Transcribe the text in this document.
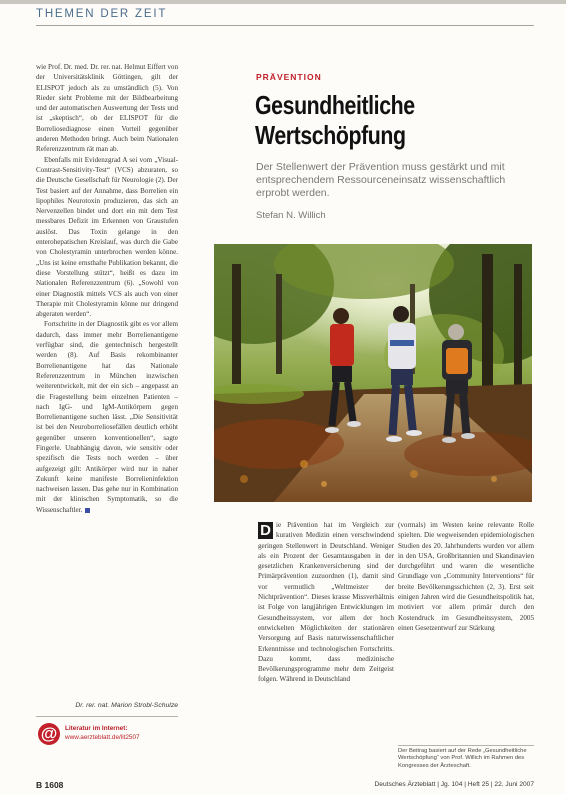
THEMEN DER ZEIT

wie Prof. Dr. med. Dr. rer. nat. Helmut Eiffert von der Universitätsklinik Göttingen, gilt der ELISPOT jedoch als zu umständlich (5). Von Rieder sieht Probleme mit der Bildbearbeitung und der automatischen Auswertung der Tests und ist „skeptisch“, ob der ELISPOT für die Borreliosediagnose einen Vorteil gegenüber anderen Methoden bringt. Auch beim Nationalen Referenzzentrum rät man ab.

Ebenfalls mit Evidenzgrad A sei vom „Visual-Contrast-Sensitivity-Test“ (VCS) abzuraten, so die Deutsche Gesellschaft für Neurologie (2). Der Test basiert auf der Annahme, dass Borrelien ein lipophiles Neurotoxin produzieren, das sich an Nervenzellen bindet und dort ein mit dem Test messbares Defizit im Erkennen von Graustufen auslöst. Das Toxin gelange in den enterohepatischen Kreislauf, was durch die Gabe von Cholestyramin unterbrochen werden könne. „Uns ist keine ernsthafte Publikation bekannt, die diese Vorstellung stützt“, heißt es dazu im Nationalen Referenzzentrum (6). „Sowohl von einer Diagnostik mittels VCS als auch von einer Therapie mit Cholestyramin könne nur dringend abgeraten werden“.

Fortschritte in der Diagnostik gibt es vor allem dadurch, dass immer mehr Borrelienantigene verfügbar sind, die gentechnisch hergestellt werden (8). Auf Basis rekombinanter Borrelienantigene hat das Nationale Referenzzentrum in München inzwischen weiterentwickelt, mit der ein sich – angepasst an die Fragestellung beim einzelnen Patienten – nach IgG- und IgM-Antikörpern gegen Borrelienantigene suchen lässt. „Die Sensitivität ist bei den Neuroborreliosefällen deutlich erhöht gegenüber unseren konventionellen“, sagte Fingerle. Unabhängig davon, wie sensitiv oder spezifisch die Tests noch werden – über aufgezeigt gilt: Antikörper wird nur in naher Zukunft keine manifeste Borrelieninfektion nachweisen lassen. Das gehe nur in Kombination mit der klinischen Symptomatik, so die Wissenschaftler.

Dr. rer. nat. Marion Strobl-Schulze
@	Literatur im Internet:
www.aerzteblatt.de/lit2507
PRÄVENTION
Gesundheitliche
Wertschöpfung
Der Stellenwert der Prävention muss gestärkt und mit entsprechendem Ressourceneinsatz wissenschaftlich erprobt werden.
Stefan N. Willich

D ie Prävention hat im Vergleich zur kurativen Medizin einen verschwindend geringen Stellenwert in Deutschland. Weniger als ein Prozent der Gesamtausgaben in der gesetzlichen Krankenversicherung sind der Primärprävention zuzuordnen (1), damit sind vor vermutlich „Weltmeister der Nichtprävention“. Dieses krasse Missverhältnis ist Folge von langjährigen Entwicklungen im Gesundheitssystem, vor allem der hoch entwickelten Möglichkeiten der stationären Versorgung auf Basis naturwissenschaftlicher Erkenntnisse und technologischen Fortschritts. Dazu kommt, dass medizinische Bevölkerungsprogramme mehr dem Zeitgeist folgen. Während in Deutschland

(vormals) im Westen keine relevante Rolle spielten. Die wegweisenden epidemiologischen Studien des 20. Jahrhunderts wurden vor allem in den USA, Großbritannien und Skandinavien durchgeführt und waren die wesentliche Grundlage von „Community Interventions“ für breite Bevölkerungsschichten (2, 3). Erst seit einigen Jahren wird die Gesundheitspolitik hat, motiviert vor allem primär durch den Kostendruck im Gesundheitssystem, 2005 einen Gesetzentwurf zur Stärkung

Der Beitrag basiert auf der Rede „Gesundheitliche Wertschöpfung“ von Prof. Willich im Rahmen des Kongresses der Ärzteschaft.
B 1608	Deutsches Ärzteblatt | Jg. 104 | Heft 25 | 22. Juni 2007
